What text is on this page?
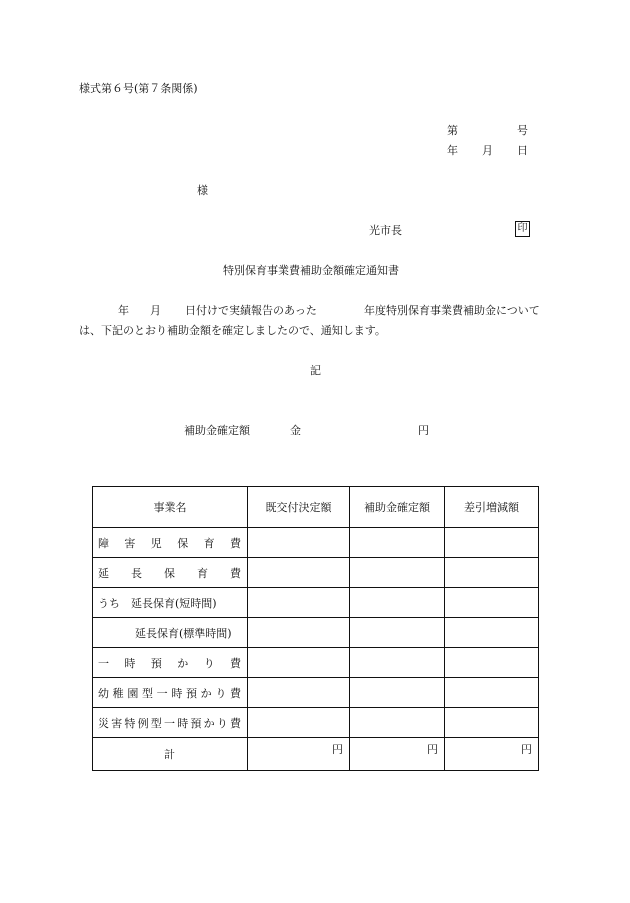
様式第６号(第７条関係)
第	号
年 月 日
様
光市長	印
特別保育事業費補助金額確定通知書
年 月 日付けで実績報告のあった	年度特別保育事業費補助金について
は、下記のとおり補助金額を確定しましたので、通知します。
記
補助金確定額	金	円
事業名	既交付決定額	補助金確定額	差引増減額
障害児保育費			
延長保育費			
うち　延長保育(短時間)			
延長保育(標準時間)			
一時預かり費			
幼稚園型一時預かり費			
災害特例型一時預かり費			
計	円	円	円
